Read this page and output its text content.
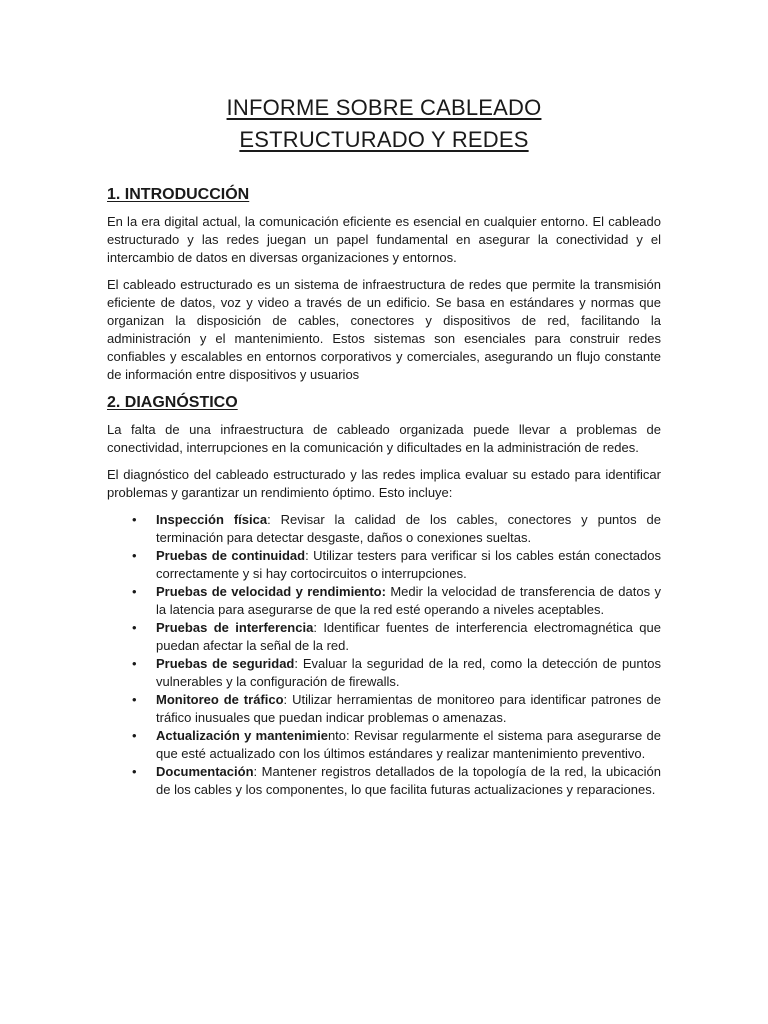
INFORME SOBRE CABLEADO
ESTRUCTURADO Y REDES
1. INTRODUCCIÓN

En la era digital actual, la comunicación eficiente es esencial en cualquier entorno. El cableado estructurado y las redes juegan un papel fundamental en asegurar la conectividad y el intercambio de datos en diversas organizaciones y entornos.

El cableado estructurado es un sistema de infraestructura de redes que permite la transmisión eficiente de datos, voz y video a través de un edificio. Se basa en estándares y normas que organizan la disposición de cables, conectores y dispositivos de red, facilitando la administración y el mantenimiento. Estos sistemas son esenciales para construir redes confiables y escalables en entornos corporativos y comerciales, asegurando un flujo constante de información entre dispositivos y usuarios

2. DIAGNÓSTICO

La falta de una infraestructura de cableado organizada puede llevar a problemas de conectividad, interrupciones en la comunicación y dificultades en la administración de redes.

El diagnóstico del cableado estructurado y las redes implica evaluar su estado para identificar problemas y garantizar un rendimiento óptimo. Esto incluye:

• Inspección física: Revisar la calidad de los cables, conectores y puntos de terminación para detectar desgaste, daños o conexiones sueltas.
• Pruebas de continuidad: Utilizar testers para verificar si los cables están conectados correctamente y si hay cortocircuitos o interrupciones.
• Pruebas de velocidad y rendimiento: Medir la velocidad de transferencia de datos y la latencia para asegurarse de que la red esté operando a niveles aceptables.
• Pruebas de interferencia: Identificar fuentes de interferencia electromagnética que puedan afectar la señal de la red.
• Pruebas de seguridad: Evaluar la seguridad de la red, como la detección de puntos vulnerables y la configuración de firewalls.
• Monitoreo de tráfico: Utilizar herramientas de monitoreo para identificar patrones de tráfico inusuales que puedan indicar problemas o amenazas.
• Actualización y mantenimiento: Revisar regularmente el sistema para asegurarse de que esté actualizado con los últimos estándares y realizar mantenimiento preventivo.
• Documentación: Mantener registros detallados de la topología de la red, la ubicación de los cables y los componentes, lo que facilita futuras actualizaciones y reparaciones.
